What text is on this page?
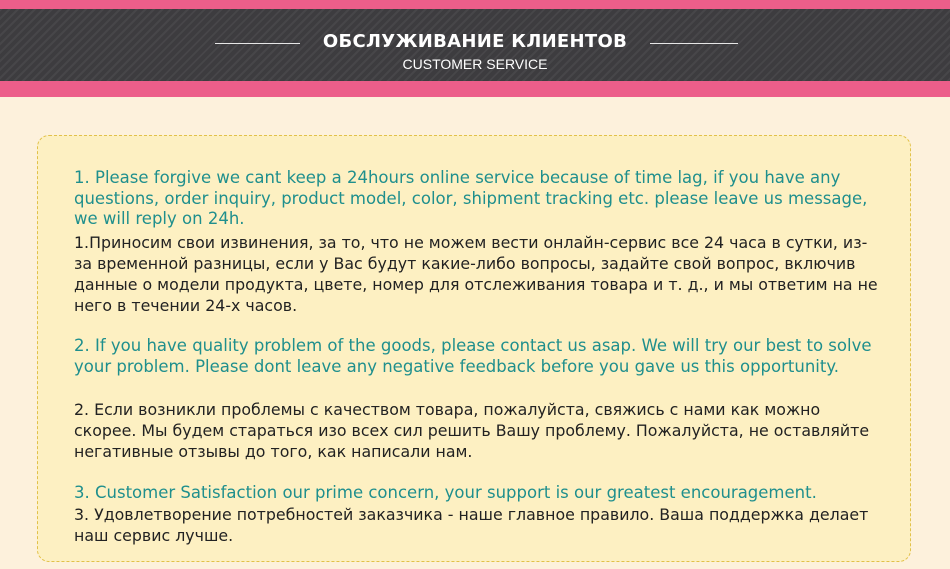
ОБСЛУЖИВАНИЕ КЛИЕНТОВ
CUSTOMER SERVICE

1. Please forgive we cant keep a 24hours online service because of time lag, if you have any questions, order inquiry, product model, color, shipment tracking etc. please leave us message, we will reply on 24h.

1.Приносим свои извинения, за то, что не можем вести онлайн-сервис все 24 часа в сутки, из-за временной разницы, если у Вас будут какие-либо вопросы, задайте свой вопрос, включив данные о модели продукта, цвете, номер для отслеживания товара и т. д., и мы ответим на не него в течении 24-х часов.

2. If you have quality problem of the goods, please contact us asap. We will try our best to solve your problem. Please dont leave any negative feedback before you gave us this opportunity.

2. Если возникли проблемы с качеством товара, пожалуйста, свяжись с нами как можно скорее. Мы будем стараться изо всех сил решить Вашу проблему. Пожалуйста, не оставляйте негативные отзывы до того, как написали нам.

3. Customer Satisfaction our prime concern, your support is our greatest encouragement.

3. Удовлетворение потребностей заказчика - наше главное правило. Ваша поддержка делает наш сервис лучше.
